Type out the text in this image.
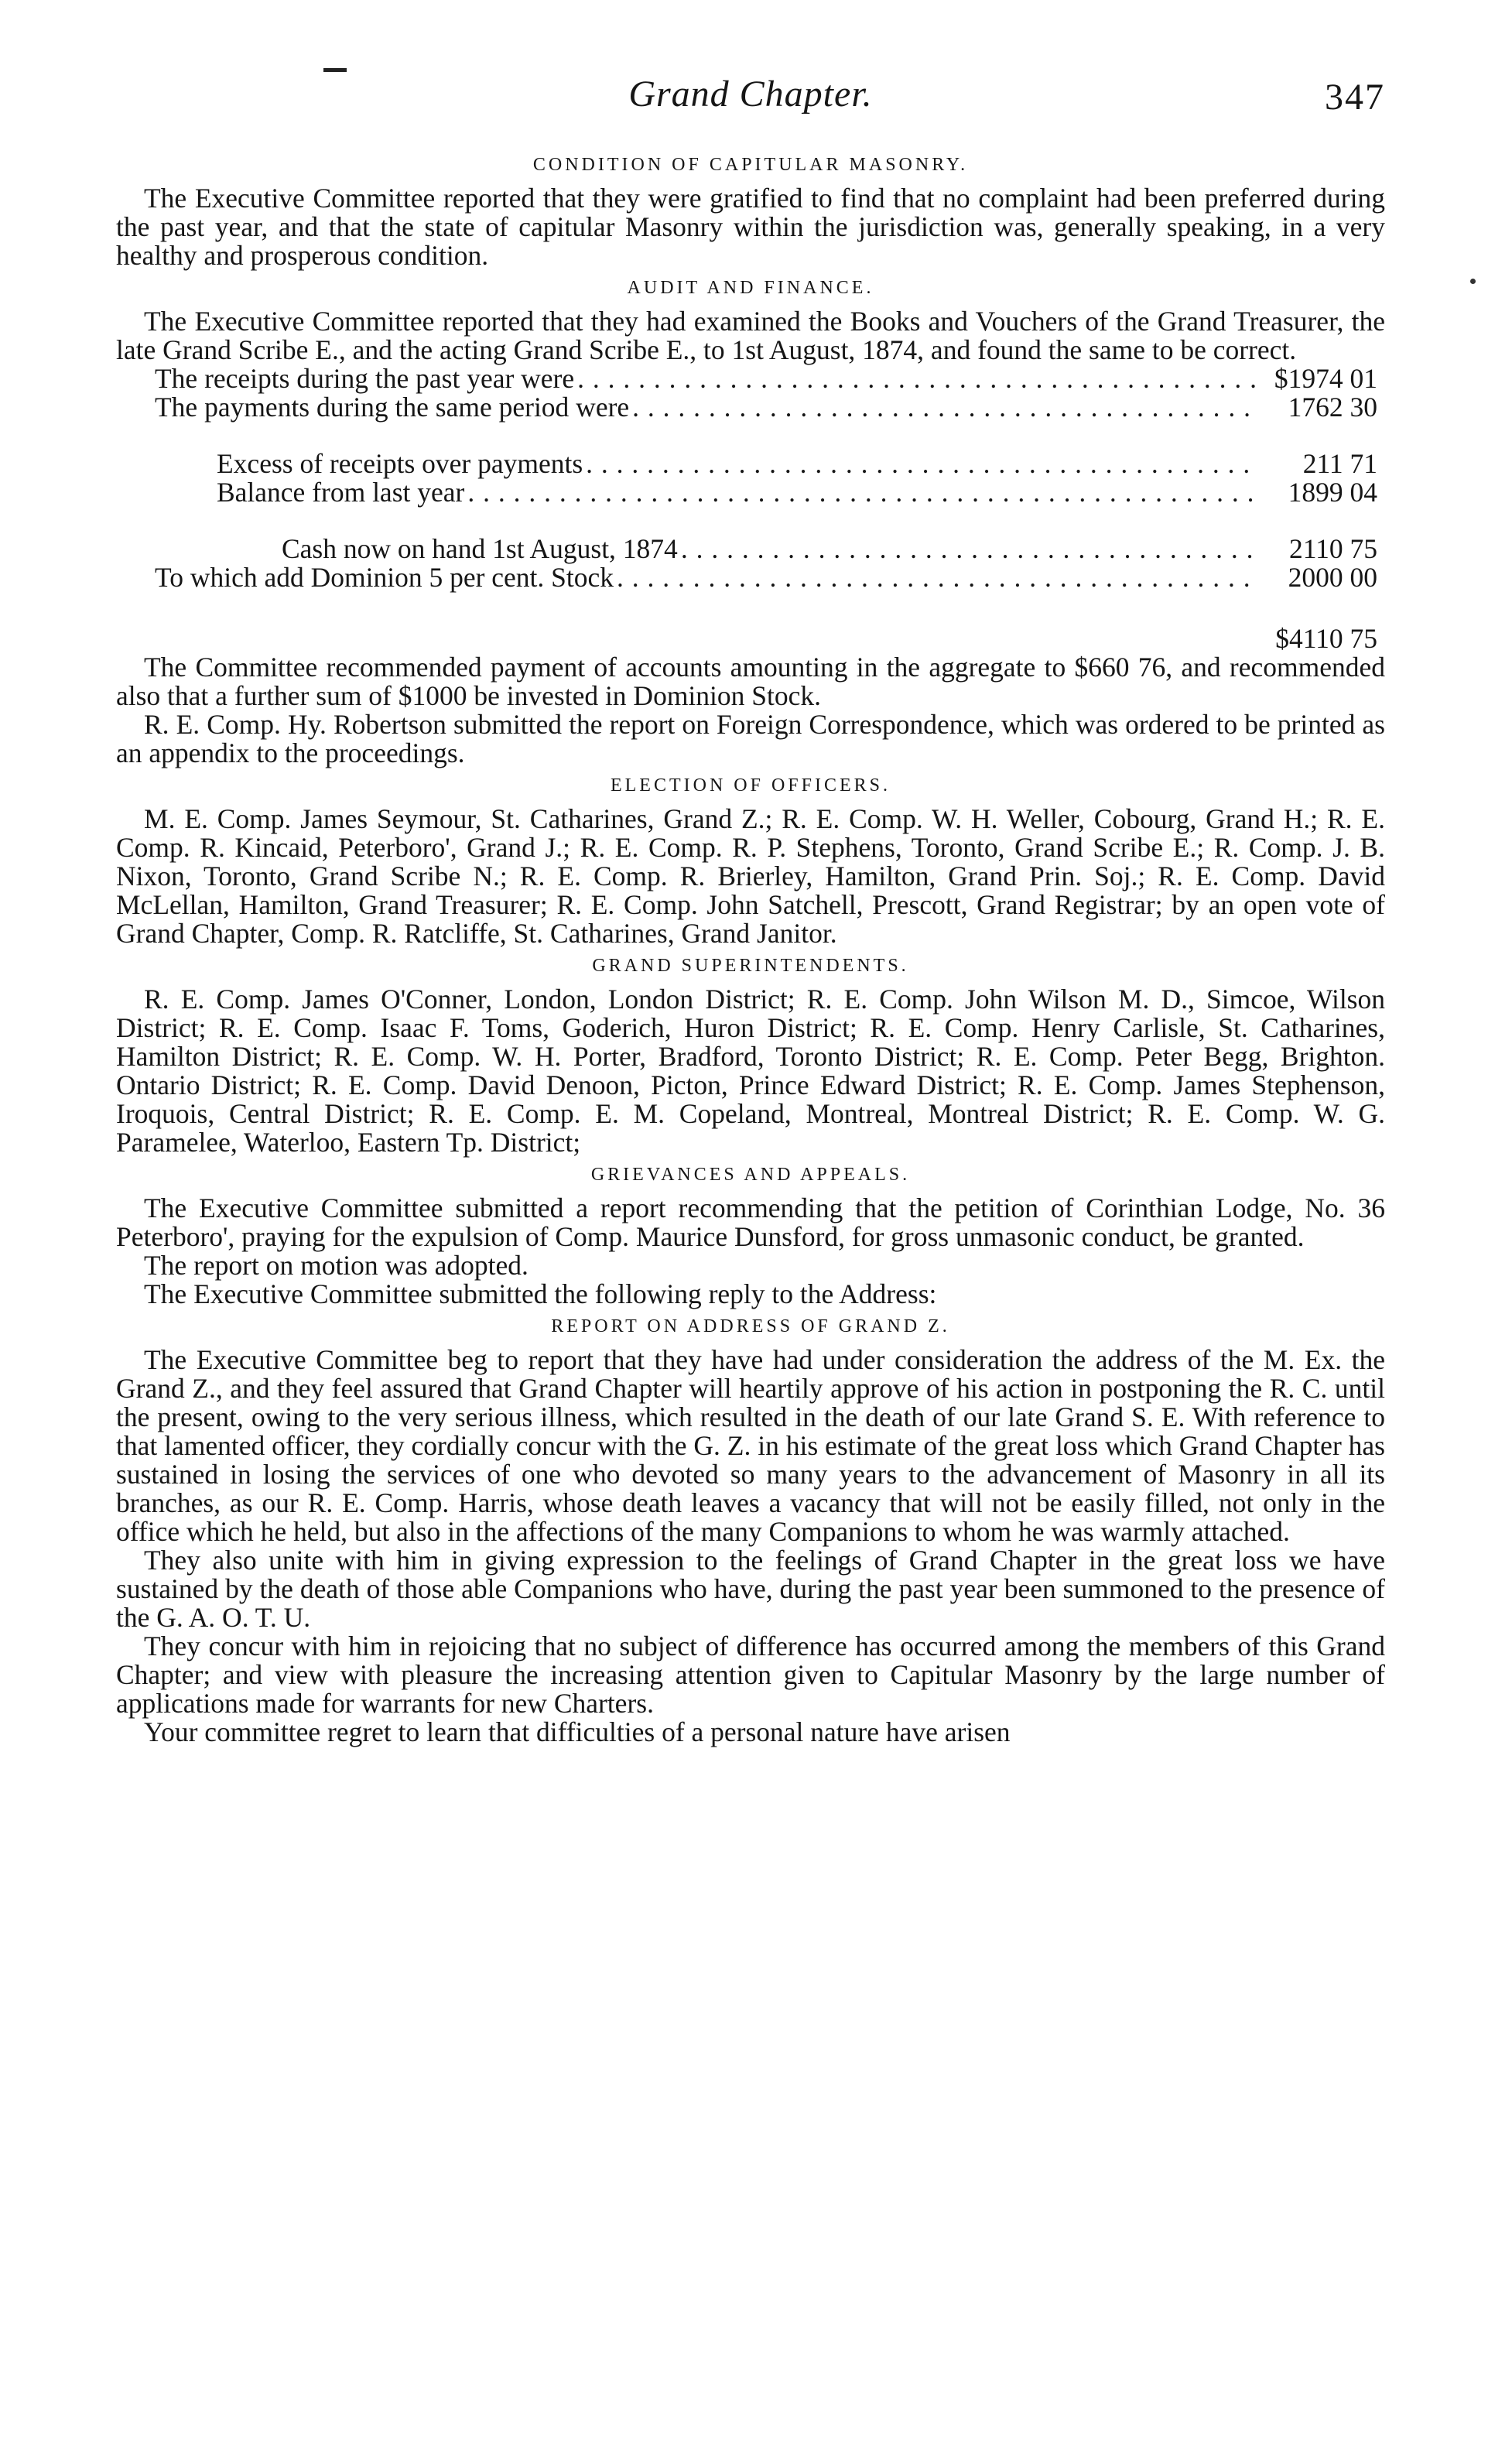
Grand Chapter.	347
CONDITION OF CAPITULAR MASONRY.

The Executive Committee reported that they were gratified to find that no complaint had been preferred during the past year, and that the state of capitular Masonry within the jurisdiction was, generally speaking, in a very healthy and prosperous condition.

AUDIT AND FINANCE.

The Executive Committee reported that they had examined the Books and Vouchers of the Grand Treasurer, the late Grand Scribe E., and the acting Grand Scribe E., to 1st August, 1874, and found the same to be correct.

The receipts during the past year were . . .	$1974 01
The payments during the same period were . . .	1762 30
Excess of receipts over payments . . .	211 71
Balance from last year . . .	1899 04
Cash now on hand 1st August, 1874 . . .	2110 75
To which add Dominion 5 per cent. Stock . . .	2000 00
$4110 75

The Committee recommended payment of accounts amounting in the aggregate to $660 76, and recommended also that a further sum of $1000 be invested in Dominion Stock.

R. E. Comp. Hy. Robertson submitted the report on Foreign Correspondence, which was ordered to be printed as an appendix to the proceedings.

ELECTION OF OFFICERS.

M. E. Comp. James Seymour, St. Catharines, Grand Z.; R. E. Comp. W. H. Weller, Cobourg, Grand H.; R. E. Comp. R. Kincaid, Peterboro', Grand J.; R. E. Comp. R. P. Stephens, Toronto, Grand Scribe E.; R. Comp. J. B. Nixon, Toronto, Grand Scribe N.; R. E. Comp. R. Brierley, Hamilton, Grand Prin. Soj.; R. E. Comp. David McLellan, Hamilton, Grand Treasurer; R. E. Comp. John Satchell, Prescott, Grand Registrar; by an open vote of Grand Chapter, Comp. R. Ratcliffe, St. Catharines, Grand Janitor.

GRAND SUPERINTENDENTS.

R. E. Comp. James O'Conner, London, London District; R. E. Comp. John Wilson M. D., Simcoe, Wilson District; R. E. Comp. Isaac F. Toms, Goderich, Huron District; R. E. Comp. Henry Carlisle, St. Catharines, Hamilton District; R. E. Comp. W. H. Porter, Bradford, Toronto District; R. E. Comp. Peter Begg, Brighton. Ontario District; R. E. Comp. David Denoon, Picton, Prince Edward District; R. E. Comp. James Stephenson, Iroquois, Central District; R. E. Comp. E. M. Copeland, Montreal, Montreal District; R. E. Comp. W. G. Paramelee, Waterloo, Eastern Tp. District;

GRIEVANCES AND APPEALS.

The Executive Committee submitted a report recommending that the petition of Corinthian Lodge, No. 36 Peterboro', praying for the expulsion of Comp. Maurice Dunsford, for gross unmasonic conduct, be granted.

The report on motion was adopted.

The Executive Committee submitted the following reply to the Address:

REPORT ON ADDRESS OF GRAND Z.

The Executive Committee beg to report that they have had under consideration the address of the M. Ex. the Grand Z., and they feel assured that Grand Chapter will heartily approve of his action in postponing the R. C. until the present, owing to the very serious illness, which resulted in the death of our late Grand S. E. With reference to that lamented officer, they cordially concur with the G. Z. in his estimate of the great loss which Grand Chapter has sustained in losing the services of one who devoted so many years to the advancement of Masonry in all its branches, as our R. E. Comp. Harris, whose death leaves a vacancy that will not be easily filled, not only in the office which he held, but also in the affections of the many Companions to whom he was warmly attached.

They also unite with him in giving expression to the feelings of Grand Chapter in the great loss we have sustained by the death of those able Companions who have, during the past year been summoned to the presence of the G. A. O. T. U.

They concur with him in rejoicing that no subject of difference has occurred among the members of this Grand Chapter; and view with pleasure the increasing attention given to Capitular Masonry by the large number of applications made for warrants for new Charters.

Your committee regret to learn that difficulties of a personal nature have arisen
